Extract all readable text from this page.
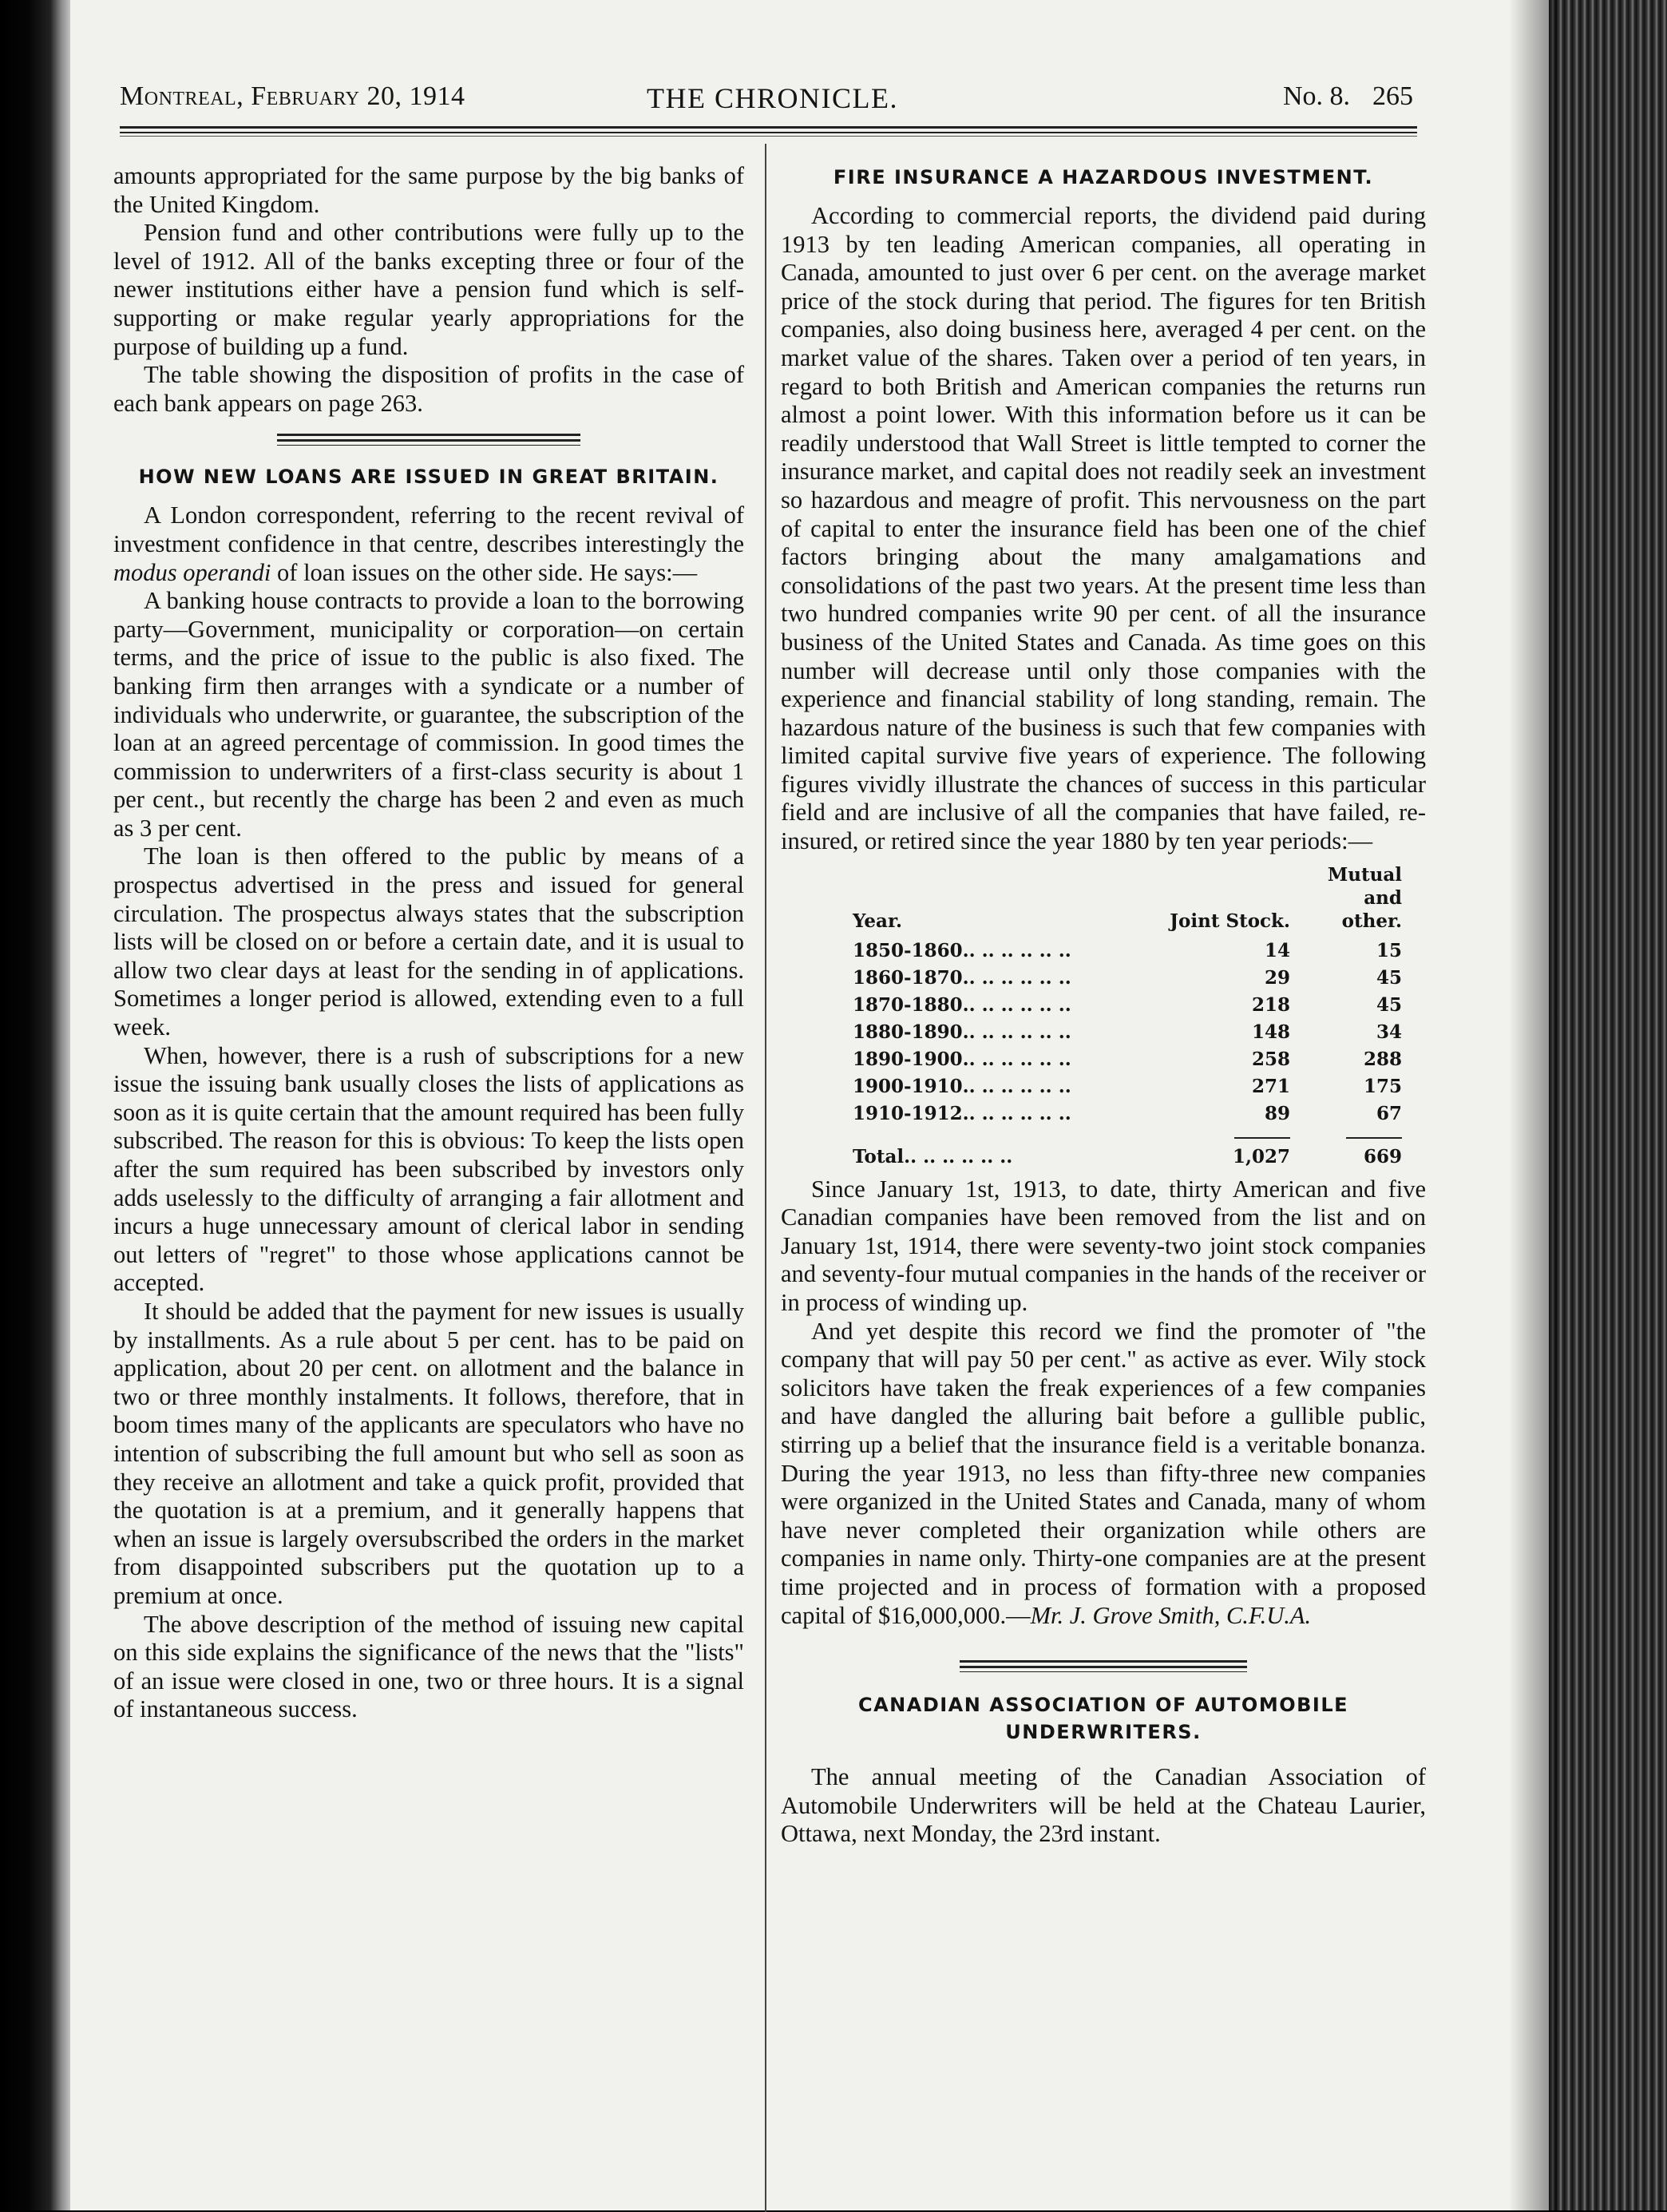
Montreal, February 20, 1914	THE CHRONICLE.	No. 8. 265

amounts appropriated for the same purpose by the big banks of the United Kingdom.

Pension fund and other contributions were fully up to the level of 1912. All of the banks excepting three or four of the newer institutions either have a pension fund which is self-supporting or make regular yearly appropriations for the purpose of building up a fund.

The table showing the disposition of profits in the case of each bank appears on page 263.

HOW NEW LOANS ARE ISSUED IN GREAT BRITAIN.

A London correspondent, referring to the recent revival of investment confidence in that centre, describes interestingly the modus operandi of loan issues on the other side. He says:—

A banking house contracts to provide a loan to the borrowing party—Government, municipality or corporation—on certain terms, and the price of issue to the public is also fixed. The banking firm then arranges with a syndicate or a number of individuals who underwrite, or guarantee, the subscription of the loan at an agreed percentage of commission. In good times the commission to underwriters of a first-class security is about 1 per cent., but recently the charge has been 2 and even as much as 3 per cent.

The loan is then offered to the public by means of a prospectus advertised in the press and issued for general circulation. The prospectus always states that the subscription lists will be closed on or before a certain date, and it is usual to allow two clear days at least for the sending in of applications. Sometimes a longer period is allowed, extending even to a full week.

When, however, there is a rush of subscriptions for a new issue the issuing bank usually closes the lists of applications as soon as it is quite certain that the amount required has been fully subscribed. The reason for this is obvious: To keep the lists open after the sum required has been subscribed by investors only adds uselessly to the difficulty of arranging a fair allotment and incurs a huge unnecessary amount of clerical labor in sending out letters of "regret" to those whose applications cannot be accepted.

It should be added that the payment for new issues is usually by installments. As a rule about 5 per cent. has to be paid on application, about 20 per cent. on allotment and the balance in two or three monthly instalments. It follows, therefore, that in boom times many of the applicants are speculators who have no intention of subscribing the full amount but who sell as soon as they receive an allotment and take a quick profit, provided that the quotation is at a premium, and it generally happens that when an issue is largely oversubscribed the orders in the market from disappointed subscribers put the quotation up to a premium at once.

The above description of the method of issuing new capital on this side explains the significance of the news that the "lists" of an issue were closed in one, two or three hours. It is a signal of instantaneous success.

FIRE INSURANCE A HAZARDOUS INVESTMENT.

According to commercial reports, the dividend paid during 1913 by ten leading American companies, all operating in Canada, amounted to just over 6 per cent. on the average market price of the stock during that period. The figures for ten British companies, also doing business here, averaged 4 per cent. on the market value of the shares. Taken over a period of ten years, in regard to both British and American companies the returns run almost a point lower. With this information before us it can be readily understood that Wall Street is little tempted to corner the insurance market, and capital does not readily seek an investment so hazardous and meagre of profit. This nervousness on the part of capital to enter the insurance field has been one of the chief factors bringing about the many amalgamations and consolidations of the past two years. At the present time less than two hundred companies write 90 per cent. of all the insurance business of the United States and Canada. As time goes on this number will decrease until only those companies with the experience and financial stability of long standing, remain. The hazardous nature of the business is such that few companies with limited capital survive five years of experience. The following figures vividly illustrate the chances of success in this particular field and are inclusive of all the companies that have failed, re-insured, or retired since the year 1880 by ten year periods:—

Year.	Joint Stock.	Mutual
and other.
1850-1860.. .. .. .. .. ..	14	15
1860-1870.. .. .. .. .. ..	29	45
1870-1880.. .. .. .. .. ..	218	45
1880-1890.. .. .. .. .. ..	148	34
1890-1900.. .. .. .. .. ..	258	288
1900-1910.. .. .. .. .. ..	271	175
1910-1912.. .. .. .. .. ..	89	67

Total.. .. .. .. .. ..	1,027	669

Since January 1st, 1913, to date, thirty American and five Canadian companies have been removed from the list and on January 1st, 1914, there were seventy-two joint stock companies and seventy-four mutual companies in the hands of the receiver or in process of winding up.

And yet despite this record we find the promoter of "the company that will pay 50 per cent." as active as ever. Wily stock solicitors have taken the freak experiences of a few companies and have dangled the alluring bait before a gullible public, stirring up a belief that the insurance field is a veritable bonanza. During the year 1913, no less than fifty-three new companies were organized in the United States and Canada, many of whom have never completed their organization while others are companies in name only. Thirty-one companies are at the present time projected and in process of formation with a proposed capital of $16,000,000.—Mr. J. Grove Smith, C.F.U.A.

CANADIAN ASSOCIATION OF AUTOMOBILE UNDERWRITERS.

The annual meeting of the Canadian Association of Automobile Underwriters will be held at the Chateau Laurier, Ottawa, next Monday, the 23rd instant.
